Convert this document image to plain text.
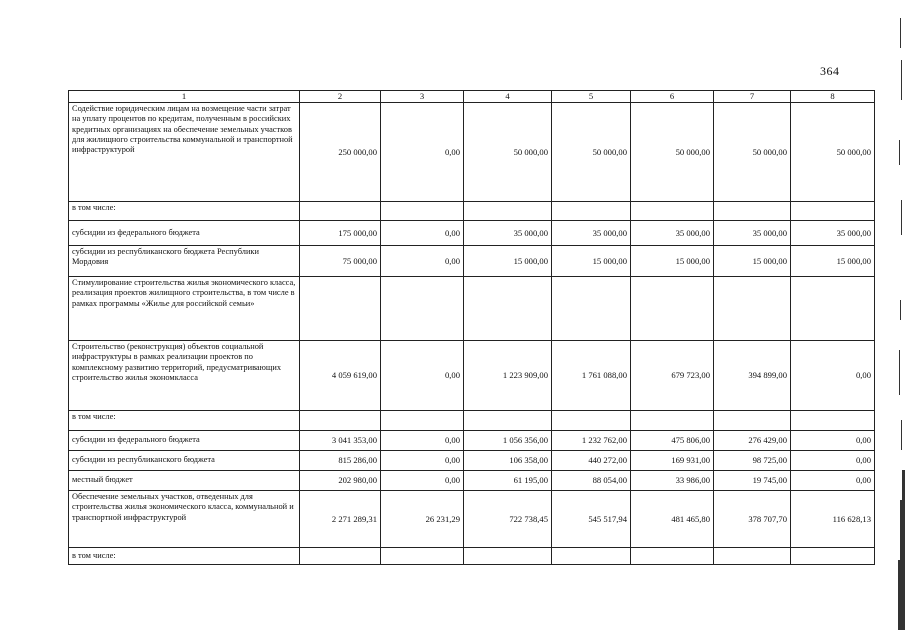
364
1	2	3	4	5	6	7	8
Содействие юридическим лицам на возмещение части затрат на уплату процентов по кредитам, полученным в российских кредитных организациях на обеспечение земельных участков для жилищного строительства коммунальной и транспортной инфраструктурой	250 000,00	0,00	50 000,00	50 000,00	50 000,00	50 000,00	50 000,00
в том числе:							
субсидии из федерального бюджета	175 000,00	0,00	35 000,00	35 000,00	35 000,00	35 000,00	35 000,00
субсидии из республиканского бюджета Республики Мордовия	75 000,00	0,00	15 000,00	15 000,00	15 000,00	15 000,00	15 000,00
Стимулирование строительства жилья экономического класса, реализация проектов жилищного строительства, в том числе в рамках программы «Жилье для российской семьи»							
Строительство (реконструкция) объектов социальной инфраструктуры в рамках реализации проектов по комплексному развитию территорий, предусматривающих строительство жилья экономкласса	4 059 619,00	0,00	1 223 909,00	1 761 088,00	679 723,00	394 899,00	0,00
в том числе:							
субсидии из федерального бюджета	3 041 353,00	0,00	1 056 356,00	1 232 762,00	475 806,00	276 429,00	0,00
субсидии из республиканского бюджета	815 286,00	0,00	106 358,00	440 272,00	169 931,00	98 725,00	0,00
местный бюджет	202 980,00	0,00	61 195,00	88 054,00	33 986,00	19 745,00	0,00
Обеспечение земельных участков, отведенных для строительства жилья экономического класса, коммунальной и транспортной инфраструктурой	2 271 289,31	26 231,29	722 738,45	545 517,94	481 465,80	378 707,70	116 628,13
в том числе:							
